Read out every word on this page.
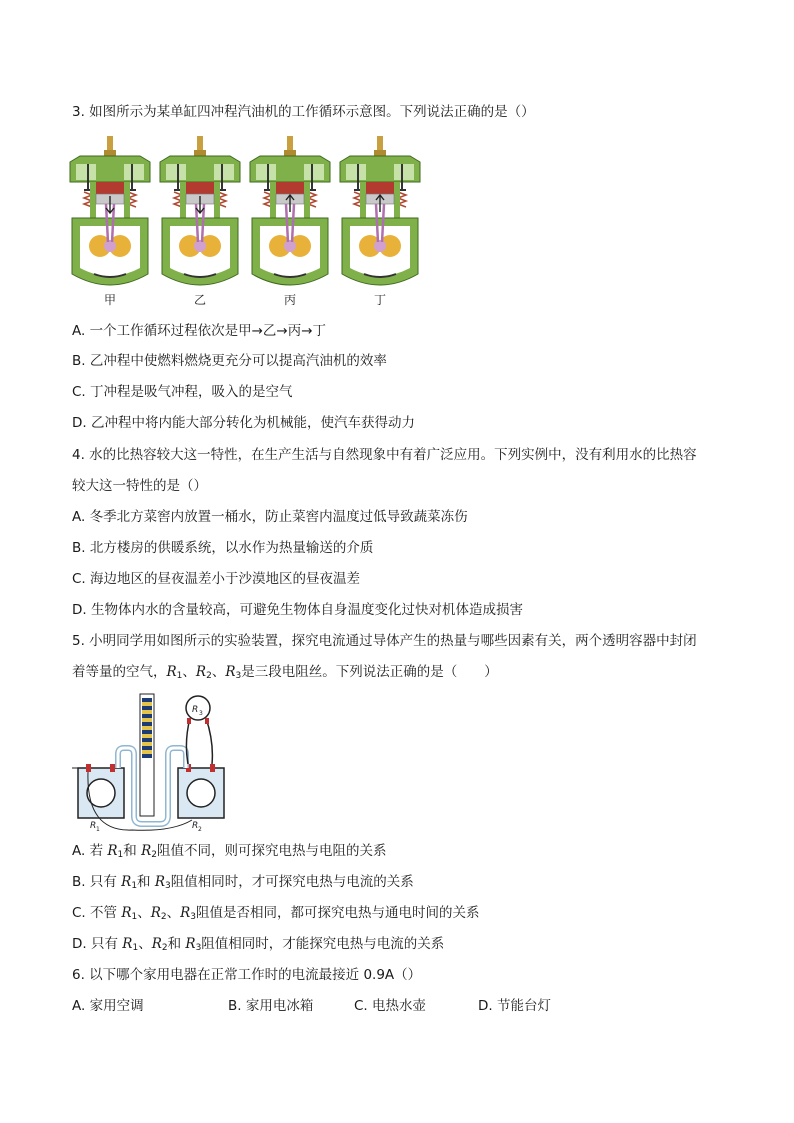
3. 如图所示为某单缸四冲程汽油机的工作循环示意图。下列说法正确的是（）
甲	乙	丙	丁
A. 一个工作循环过程依次是甲→乙→丙→丁
B. 乙冲程中使燃料燃烧更充分可以提高汽油机的效率
C. 丁冲程是吸气冲程，吸入的是空气
D. 乙冲程中将内能大部分转化为机械能，使汽车获得动力
4. 水的比热容较大这一特性，在生产生活与自然现象中有着广泛应用。下列实例中，没有利用水的比热容
较大这一特性的是（）
A. 冬季北方菜窖内放置一桶水，防止菜窖内温度过低导致蔬菜冻伤
B. 北方楼房的供暖系统，以水作为热量输送的介质
C. 海边地区的昼夜温差小于沙漠地区的昼夜温差
D. 生物体内水的含量较高，可避免生物体自身温度变化过快对机体造成损害
5. 小明同学用如图所示的实验装置，探究电流通过导体产生的热量与哪些因素有关，两个透明容器中封闭
着等量的空气，$R_1$、$R_2$、$R_3$是三段电阻丝。下列说法正确的是（　　）
R 3
R 1	R 2
A. 若 $R_1$和 $R_2$阻值不同，则可探究电热与电阻的关系
B. 只有 $R_1$和 $R_3$阻值相同时，才可探究电热与电流的关系
C. 不管 $R_1$、$R_2$、$R_3$阻值是否相同，都可探究电热与通电时间的关系
D. 只有 $R_1$、$R_2$和 $R_3$阻值相同时，才能探究电热与电流的关系
6. 以下哪个家用电器在正常工作时的电流最接近 0.9A（）
A. 家用空调	B. 家用电冰箱	C. 电热水壶	D. 节能台灯
